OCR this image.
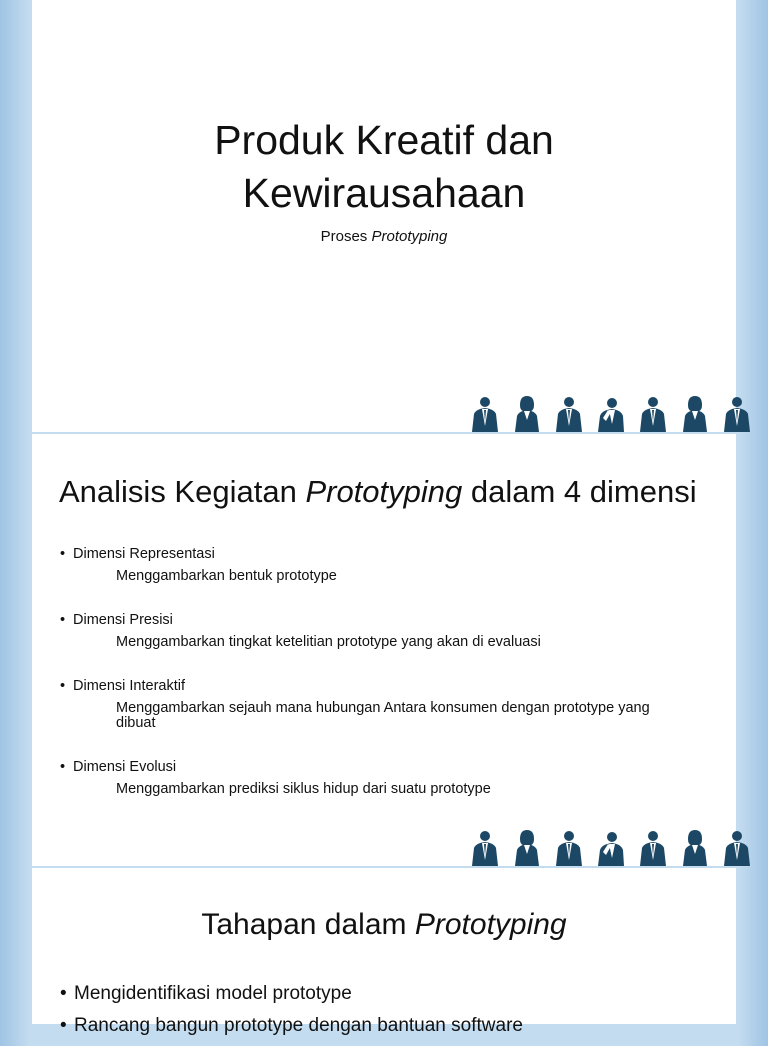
Produk Kreatif dan
Kewirausahaan
Proses Prototyping
Analisis Kegiatan Prototyping dalam 4 dimensi
• Dimensi Representasi
Menggambarkan bentuk prototype
• Dimensi Presisi
Menggambarkan tingkat ketelitian prototype yang akan di evaluasi
• Dimensi Interaktif
Menggambarkan sejauh mana hubungan Antara konsumen dengan prototype yang dibuat
• Dimensi Evolusi
Menggambarkan prediksi siklus hidup dari suatu prototype
Tahapan dalam Prototyping
• Mengidentifikasi model prototype
• Rancang bangun prototype dengan bantuan software
